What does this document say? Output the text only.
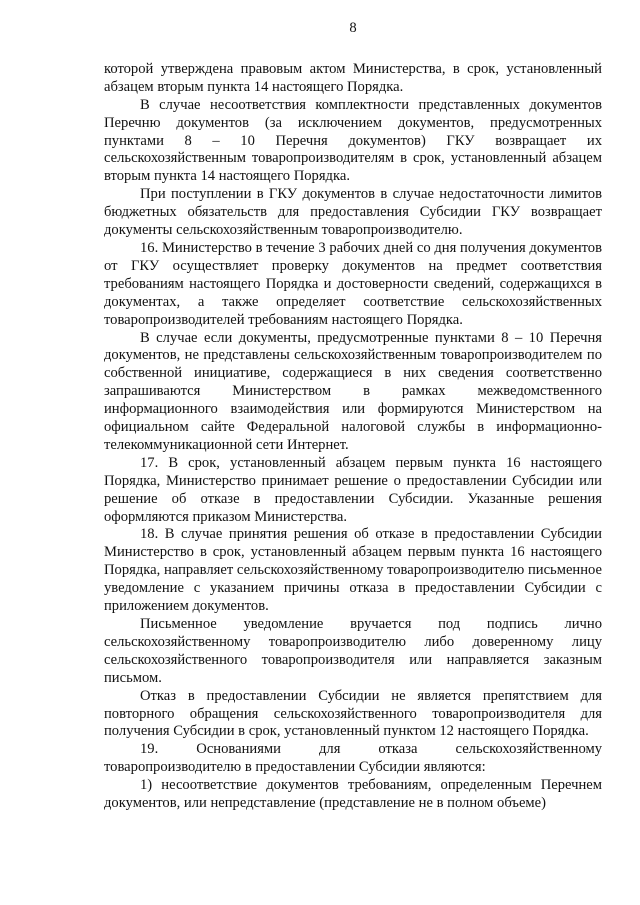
8

которой утверждена правовым актом Министерства, в срок, установленный абзацем вторым пункта 14 настоящего Порядка.

В случае несоответствия комплектности представленных документов Перечню документов (за исключением документов, предусмотренных пунктами 8 – 10 Перечня документов) ГКУ возвращает их сельскохозяйственным товаропроизводителям в срок, установленный абзацем вторым пункта 14 настоящего Порядка.

При поступлении в ГКУ документов в случае недостаточности лимитов бюджетных обязательств для предоставления Субсидии ГКУ возвращает документы сельскохозяйственным товаропроизводителю.

16. Министерство в течение 3 рабочих дней со дня получения документов от ГКУ осуществляет проверку документов на предмет соответствия требованиям настоящего Порядка и достоверности сведений, содержащихся в документах, а также определяет соответствие сельскохозяйственных товаропроизводителей требованиям настоящего Порядка.

В случае если документы, предусмотренные пунктами 8 – 10 Перечня документов, не представлены сельскохозяйственным товаропроизводителем по собственной инициативе, содержащиеся в них сведения соответственно запрашиваются Министерством в рамках межведомственного информационного взаимодействия или формируются Министерством на официальном сайте Федеральной налоговой службы в информационно-телекоммуникационной сети Интернет.

17. В срок, установленный абзацем первым пункта 16 настоящего Порядка, Министерство принимает решение о предоставлении Субсидии или решение об отказе в предоставлении Субсидии. Указанные решения оформляются приказом Министерства.

18. В случае принятия решения об отказе в предоставлении Субсидии Министерство в срок, установленный абзацем первым пункта 16 настоящего Порядка, направляет сельскохозяйственному товаропроизводителю письменное уведомление с указанием причины отказа в предоставлении Субсидии с приложением документов.

Письменное уведомление вручается под подпись лично сельскохозяйственному товаропроизводителю либо доверенному лицу сельскохозяйственного товаропроизводителя или направляется заказным письмом.

Отказ в предоставлении Субсидии не является препятствием для повторного обращения сельскохозяйственного товаропроизводителя для получения Субсидии в срок, установленный пунктом 12 настоящего Порядка.

19. Основаниями для отказа сельскохозяйственному товаропроизводителю в предоставлении Субсидии являются:

1) несоответствие документов требованиям, определенным Перечнем документов, или непредставление (представление не в полном объеме)
